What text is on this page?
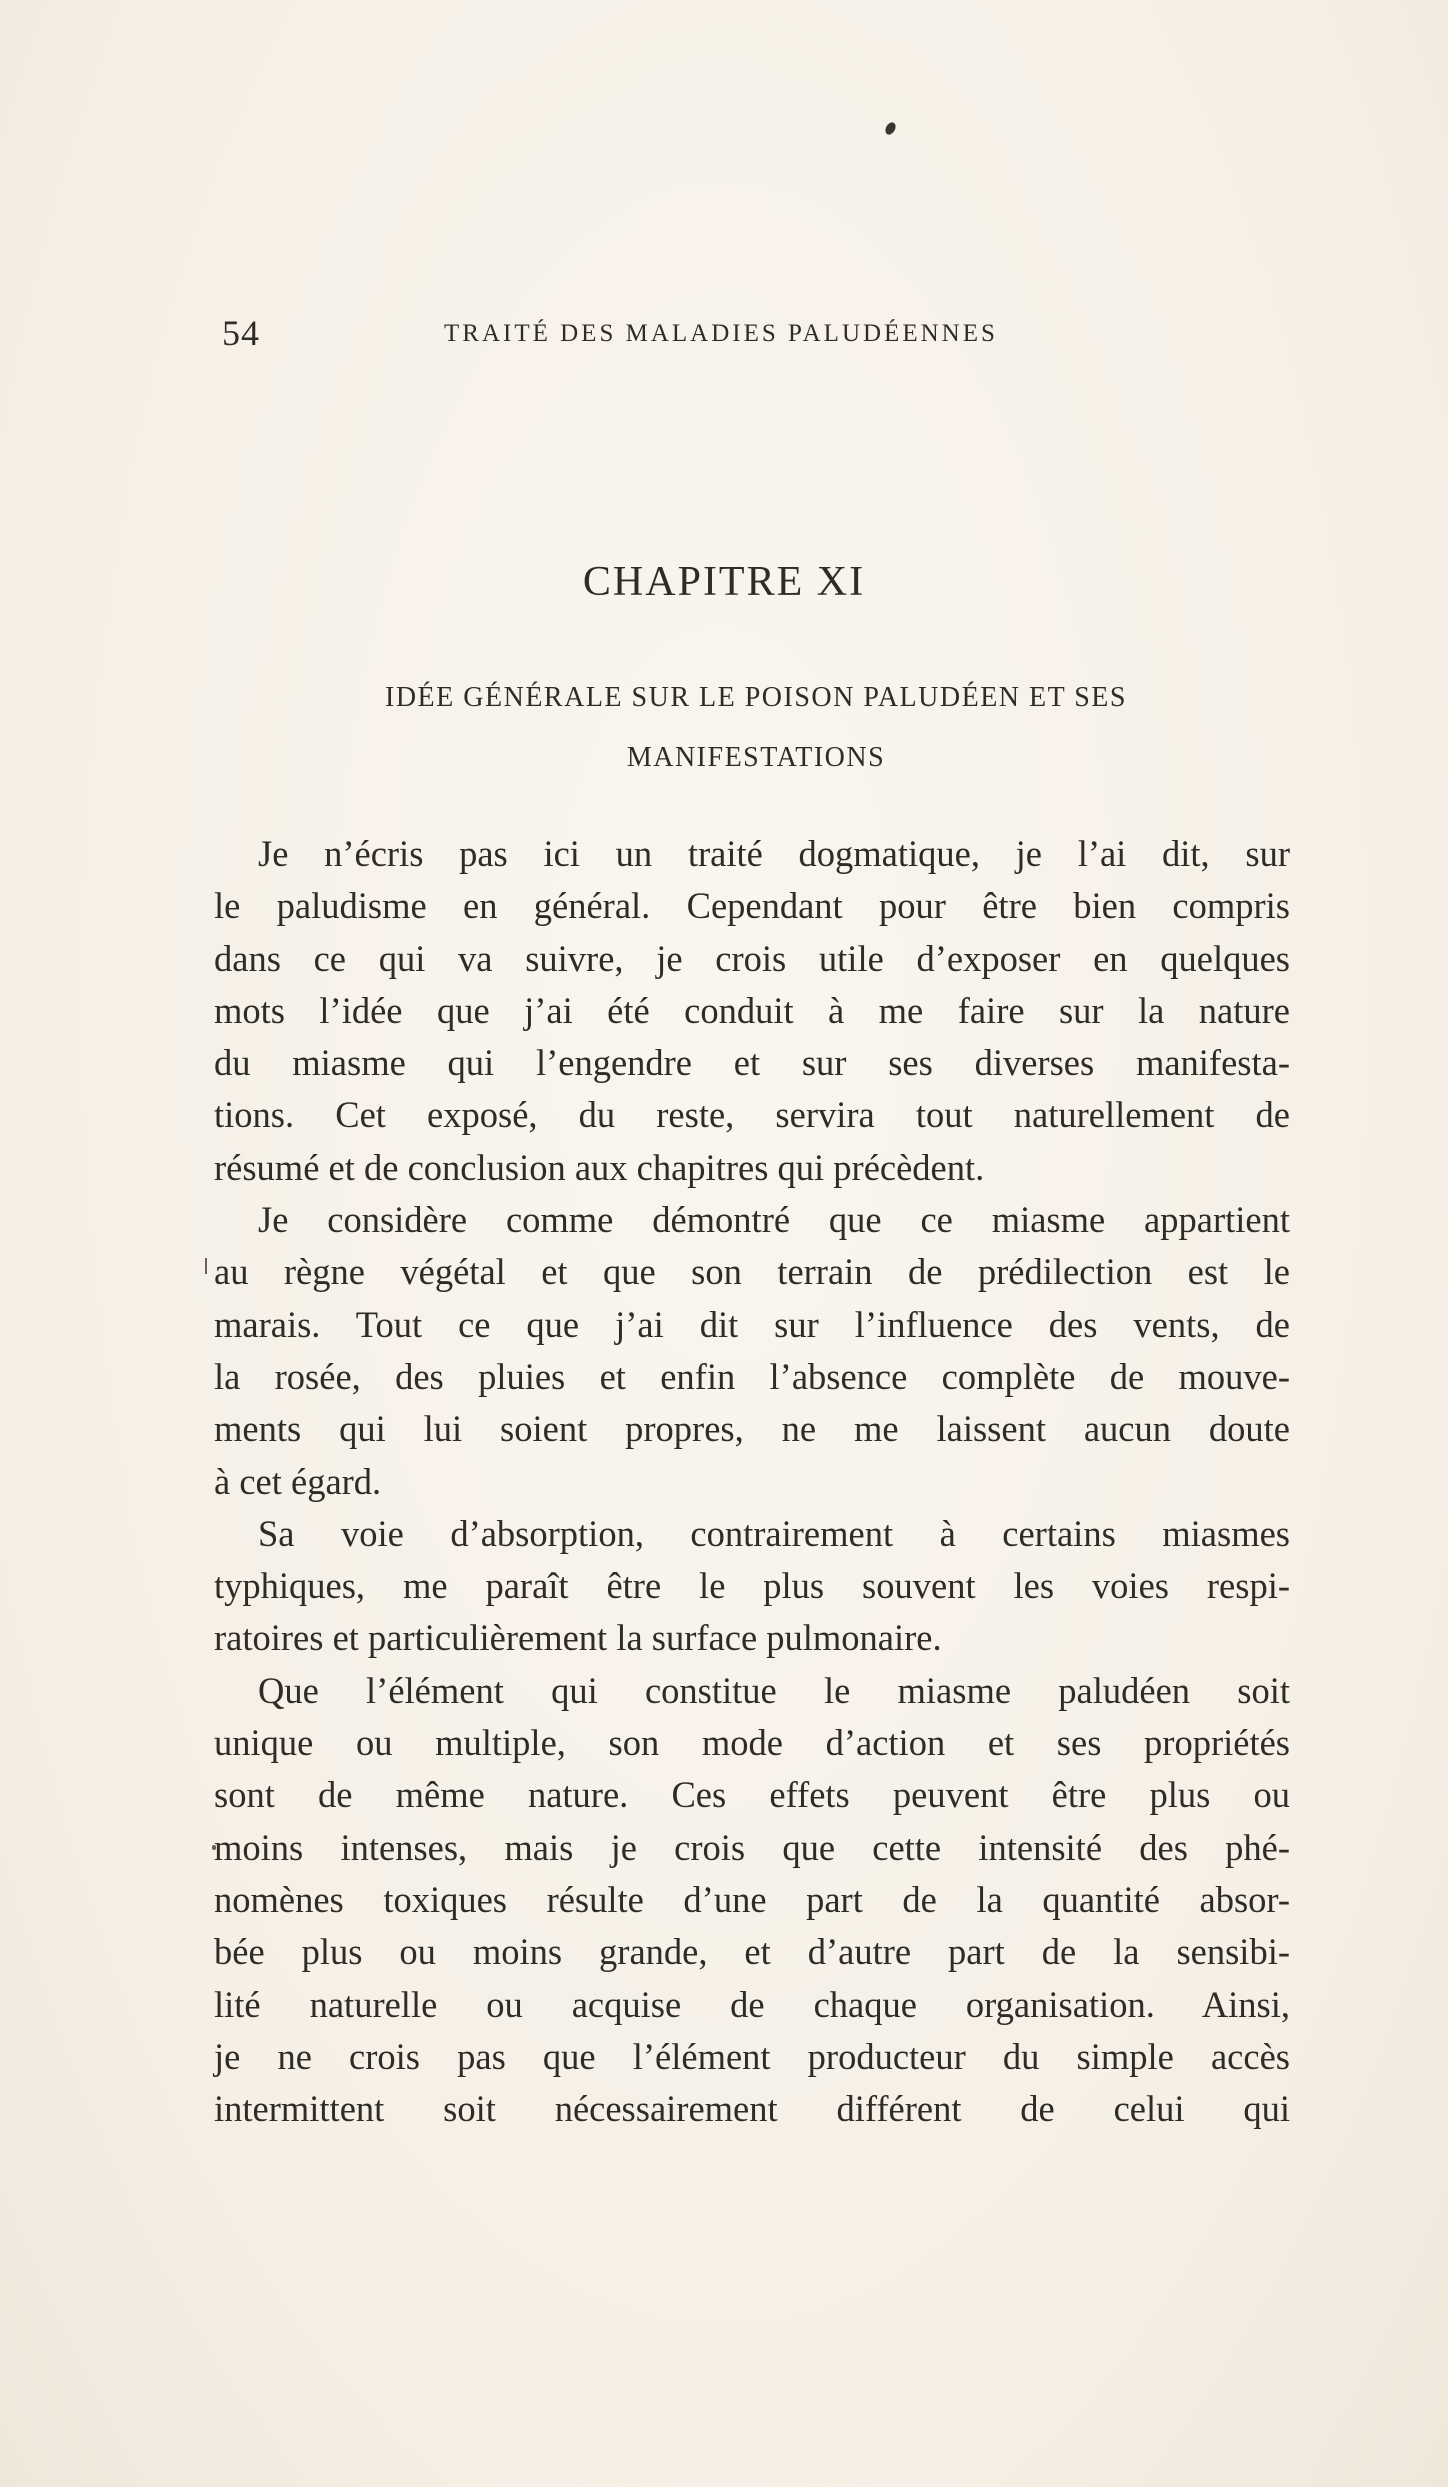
54	TRAITÉ DES MALADIES PALUDÉENNES
CHAPITRE XI
IDÉE GÉNÉRALE SUR LE POISON PALUDÉEN ET SES
MANIFESTATIONS
Je n’écris pas ici un traité dogmatique, je l’ai dit, sur
le paludisme en général. Cependant pour être bien compris
dans ce qui va suivre, je crois utile d’exposer en quelques
mots l’idée que j’ai été conduit à me faire sur la nature
du miasme qui l’engendre et sur ses diverses manifesta-
tions. Cet exposé, du reste, servira tout naturellement de
résumé et de conclusion aux chapitres qui précèdent.
Je considère comme démontré que ce miasme appartient
au règne végétal et que son terrain de prédilection est le
marais. Tout ce que j’ai dit sur l’influence des vents, de
la rosée, des pluies et enfin l’absence complète de mouve-
ments qui lui soient propres, ne me laissent aucun doute
à cet égard.
Sa voie d’absorption, contrairement à certains miasmes
typhiques, me paraît être le plus souvent les voies respi-
ratoires et particulièrement la surface pulmonaire.
Que l’élément qui constitue le miasme paludéen soit
unique ou multiple, son mode d’action et ses propriétés
sont de même nature. Ces effets peuvent être plus ou
moins intenses, mais je crois que cette intensité des phé-
nomènes toxiques résulte d’une part de la quantité absor-
bée plus ou moins grande, et d’autre part de la sensibi-
lité naturelle ou acquise de chaque organisation. Ainsi,
je ne crois pas que l’élément producteur du simple accès
intermittent soit nécessairement différent de celui qui
